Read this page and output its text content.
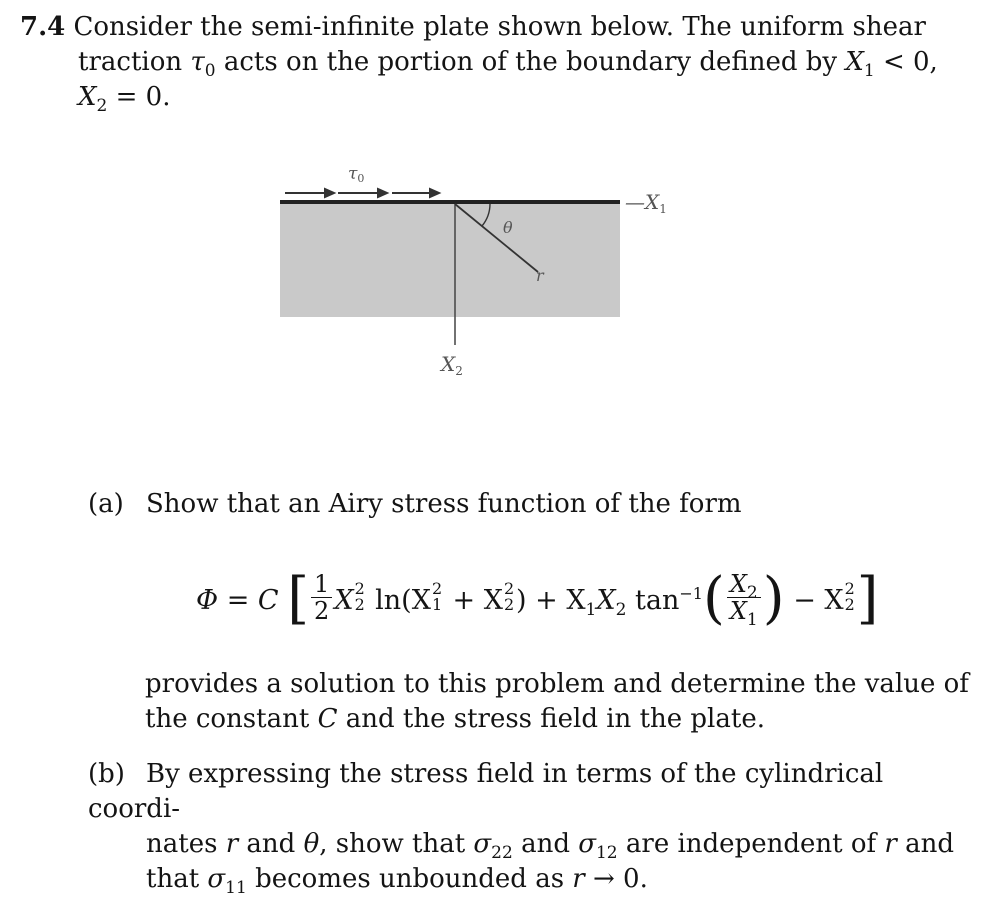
7.4 Consider the semi-infinite plate shown below. The uniform shear
traction $\tau_0$ acts on the portion of the boundary defined by $X_1 < 0$,
$X_2 = 0$.
$\tau_0$
$—X_1$
$X_2$
θ
r
(a) Show that an Airy stress function of the form
Φ = C [ $\frac{1}{2}$ X 2
2 ln(X 2
1 + X 2
2 ) + $X_1X_2$ $\tan^{-1}( \frac{X_2}{X_1}$ ) − X 2
2 ]
provides a solution to this problem and determine the value of
the constant C and the stress field in the plate.
(b) By expressing the stress field in terms of the cylindrical coordi-
nates r and θ, show that $\sigma_{22}$ and $\sigma_{12}$ are independent of r and
that $\sigma_{11}$ becomes unbounded as r → 0.
